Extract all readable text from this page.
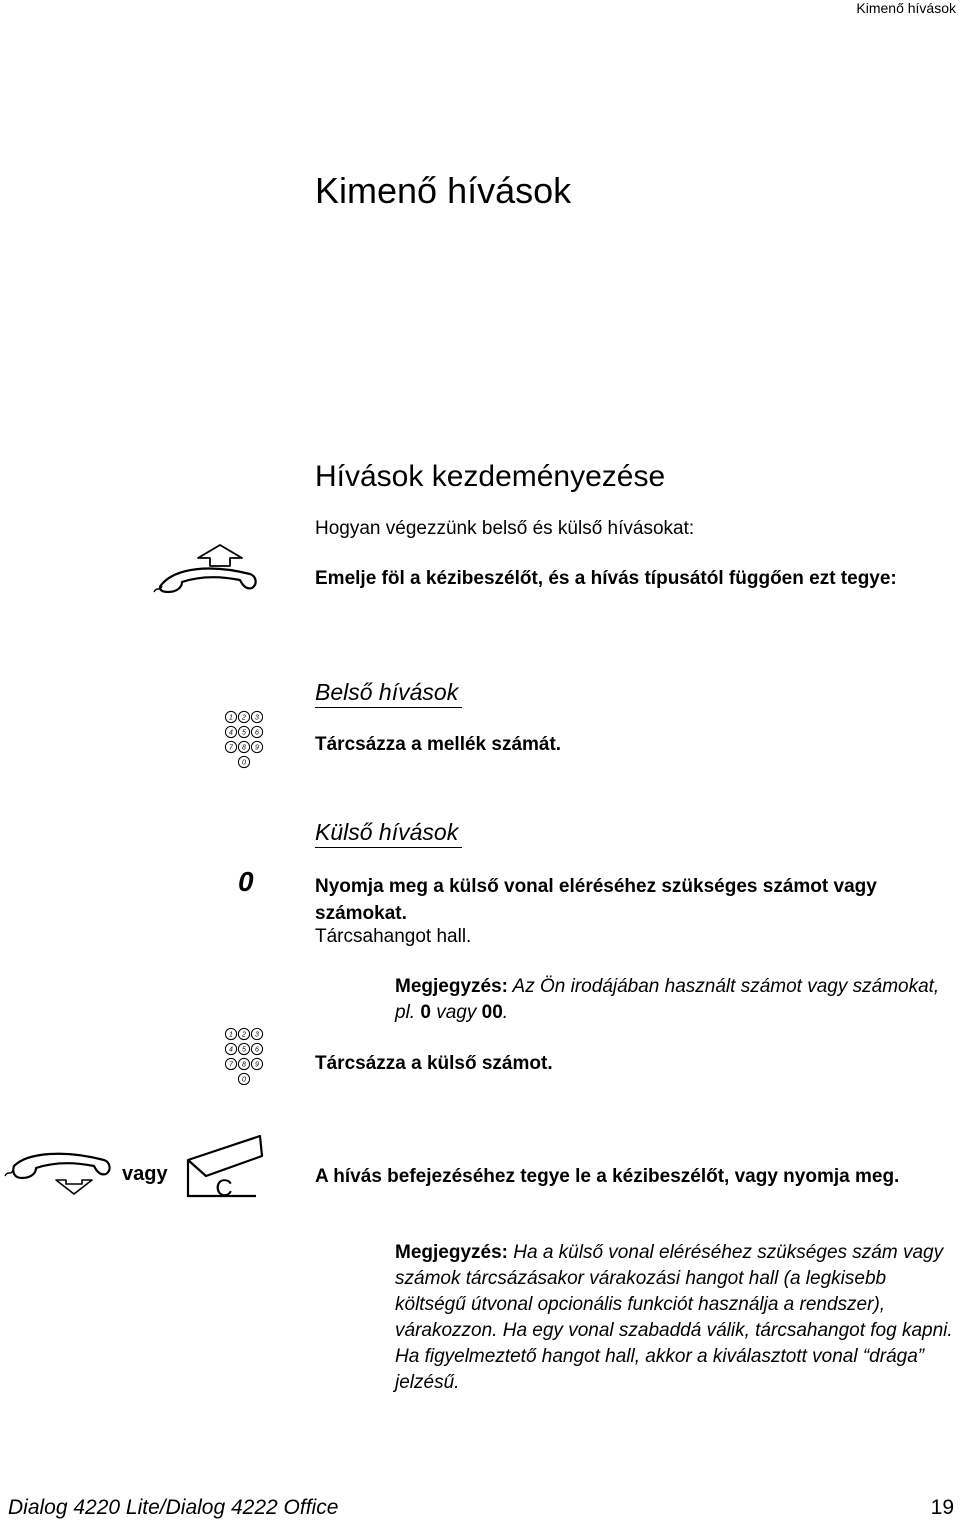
Kimenő hívások
Kimenő hívások
Hívások kezdeményezése
Hogyan végezzünk belső és külső hívásokat:
Emelje föl a kézibeszélőt, és a hívás típusától függően ezt tegye:
Belső hívások
1 2 3
4 5 6
7 8 9
0
Tárcsázza a mellék számát.
Külső hívások
0	Nyomja meg a külső vonal eléréséhez szükséges számot vagy számokat.
Tárcsahangot hall.
Megjegyzés: Az Ön irodájában használt számot vagy számokat, pl. 0 vagy 00.
1 2 3
4 5 6
7 8 9
0
Tárcsázza a külső számot.
vagy
C	A hívás befejezéséhez tegye le a kézibeszélőt, vagy nyomja meg.
Megjegyzés: Ha a külső vonal eléréséhez szükséges szám vagy számok tárcsázásakor várakozási hangot hall (a legkisebb költségű útvonal opcionális funkciót használja a rendszer), várakozzon. Ha egy vonal szabaddá válik, tárcsahangot fog kapni. Ha figyelmeztető hangot hall, akkor a kiválasztott vonal “drága” jelzésű.
Dialog 4220 Lite/Dialog 4222 Office	19
